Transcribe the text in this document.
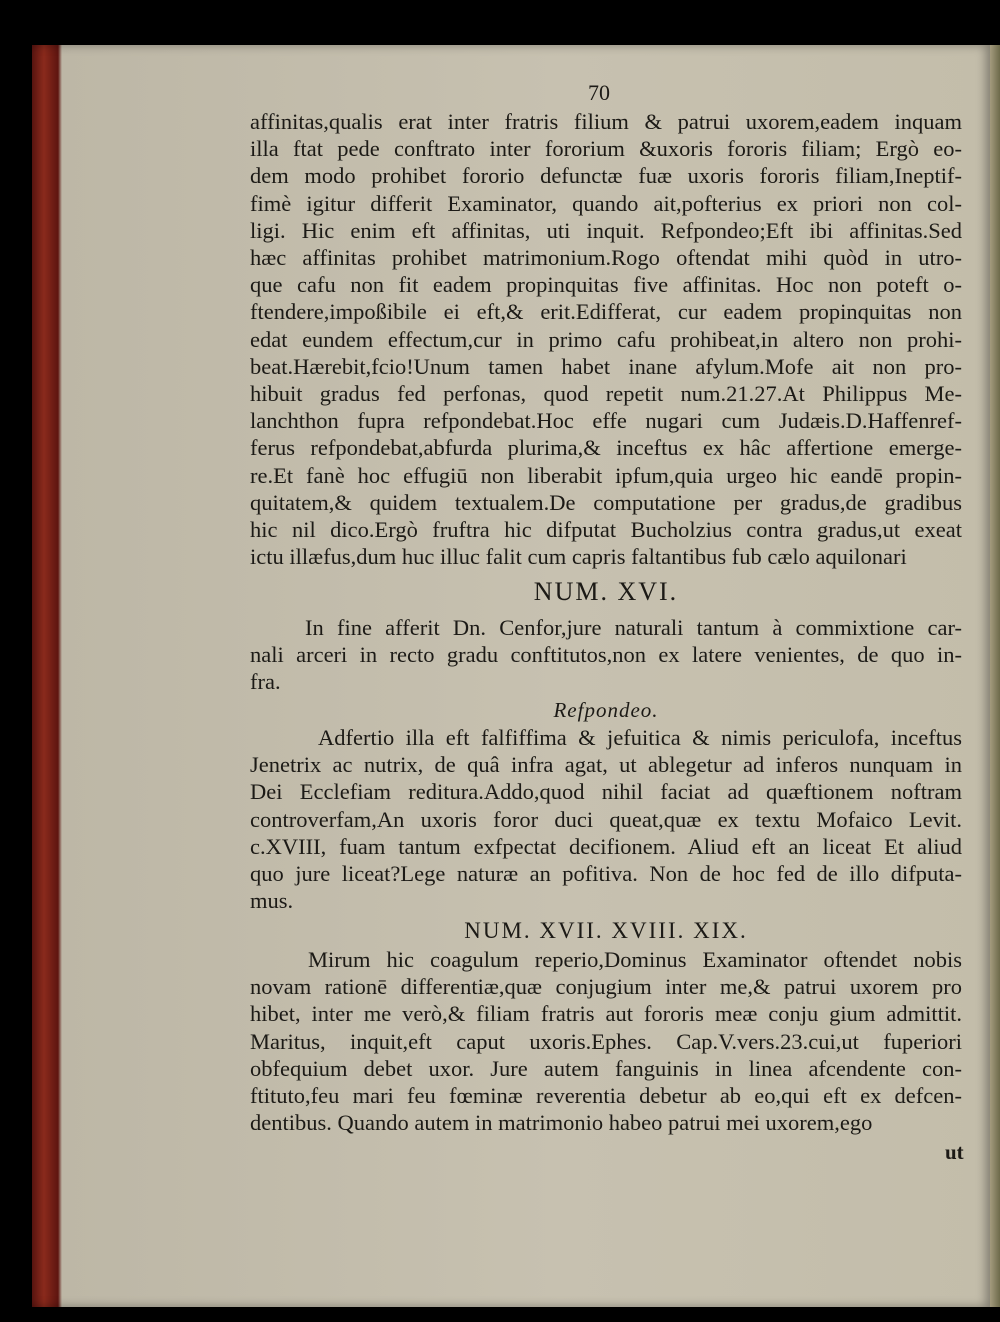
70
affinitas,qualis erat inter fratris filium & patrui uxorem,eadem inquam
illa ftat pede conftrato inter fororium &uxoris fororis filiam; Ergò eo-
dem modo prohibet fororio defunctæ fuæ uxoris fororis filiam,Ineptif-
fimè igitur differit Examinator, quando ait,pofterius ex priori non col-
ligi. Hic enim eft affinitas, uti inquit. Refpondeo;Eft ibi affinitas.Sed
hæc affinitas prohibet matrimonium.Rogo oftendat mihi quòd in utro-
que cafu non fit eadem propinquitas five affinitas. Hoc non poteft o-
ftendere,impoßibile ei eft,& erit.Edifferat, cur eadem propinquitas non
edat eundem effectum,cur in primo cafu prohibeat,in altero non prohi-
beat.Hærebit,fcio!Unum tamen habet inane afylum.Mofe ait non pro-
hibuit gradus fed perfonas, quod repetit num.21.27.At Philippus Me-
lanchthon fupra refpondebat.Hoc effe nugari cum Judæis.D.Haffenref-
ferus refpondebat,abfurda plurima,& inceftus ex hâc affertione emerge-
re.Et fanè hoc effugiū non liberabit ipfum,quia urgeo hic eandē propin-
quitatem,& quidem textualem.De computatione per gradus,de gradibus
hic nil dico.Ergò fruftra hic difputat Bucholzius contra gradus,ut exeat
ictu illæfus,dum huc illuc falit cum capris faltantibus fub cælo aquilonari
NUM. XVI.
In fine afferit Dn. Cenfor,jure naturali tantum à commixtione car-
nali arceri in recto gradu conftitutos,non ex latere venientes, de quo in-
fra.
Refpondeo.
Adfertio illa eft falfiffima & jefuitica & nimis periculofa, inceftus
Jenetrix ac nutrix, de quâ infra agat, ut ablegetur ad inferos nunquam in
Dei Ecclefiam reditura.Addo,quod nihil faciat ad quæftionem noftram
controverfam,An uxoris foror duci queat,quæ ex textu Mofaico Levit.
c.XVIII, fuam tantum exfpectat decifionem. Aliud eft an liceat Et aliud
quo jure liceat?Lege naturæ an pofitiva. Non de hoc fed de illo difputa-
mus.
NUM. XVII. XVIII. XIX.
Mirum hic coagulum reperio,Dominus Examinator oftendet nobis
novam rationē differentiæ,quæ conjugium inter me,& patrui uxorem pro
hibet, inter me verò,& filiam fratris aut fororis meæ conju gium admittit.
Maritus, inquit,eft caput uxoris.Ephes. Cap.V.vers.23.cui,ut fuperiori
obfequium debet uxor. Jure autem fanguinis in linea afcendente con-
ftituto,feu mari feu fœminæ reverentia debetur ab eo,qui eft ex defcen-
dentibus. Quando autem in matrimonio habeo patrui mei uxorem,ego
ut
